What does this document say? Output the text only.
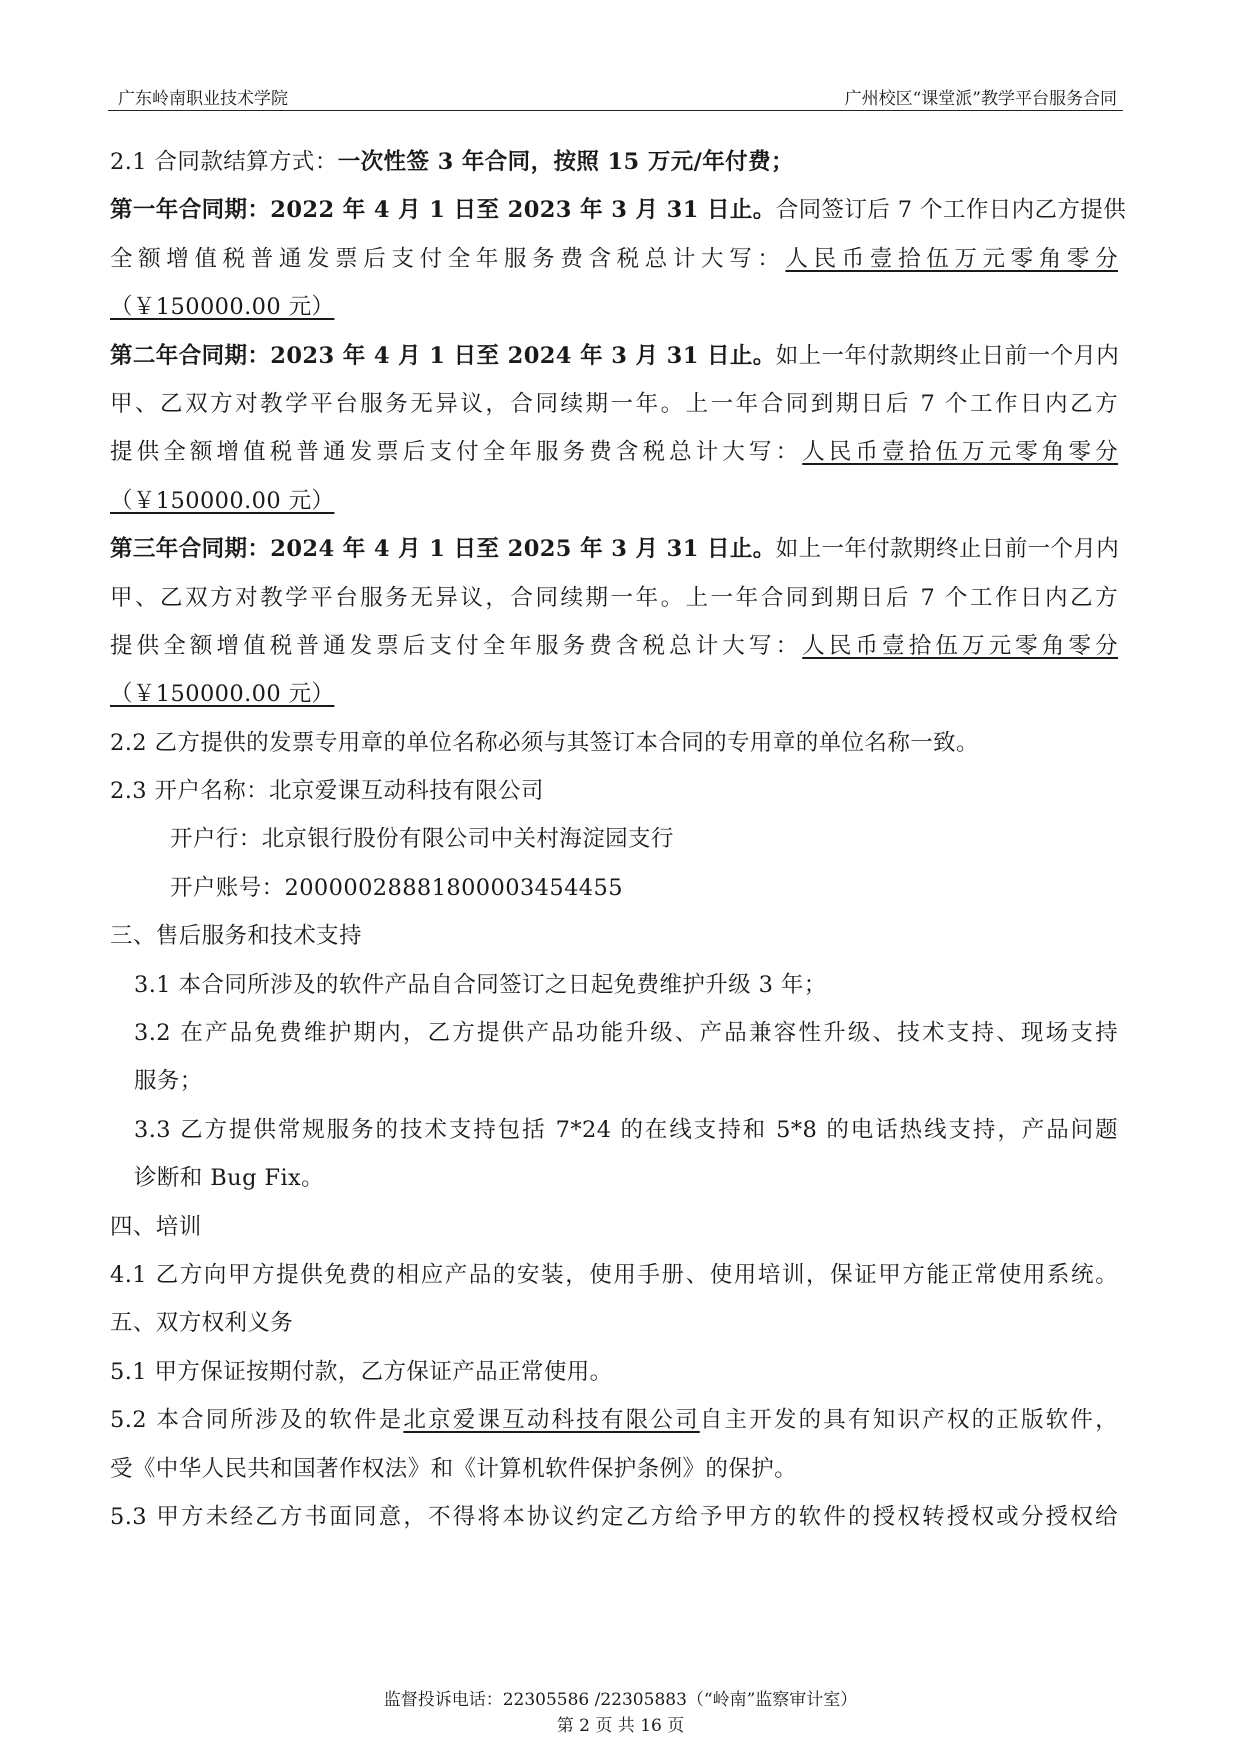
广东岭南职业技术学院	广州校区“课堂派”教学平台服务合同
2.1 合同款结算方式：一次性签 3 年合同，按照 15 万元/年付费；
第一年合同期：2022 年 4 月 1 日至 2023 年 3 月 31 日止。合同签订后 7 个工作日内乙方提供
全额增值税普通发票后支付全年服务费含税总计大写：人民币壹拾伍万元零角零分
（￥150000.00 元）
第二年合同期：2023 年 4 月 1 日至 2024 年 3 月 31 日止。如上一年付款期终止日前一个月内
甲、乙双方对教学平台服务无异议，合同续期一年。上一年合同到期日后 7 个工作日内乙方
提供全额增值税普通发票后支付全年服务费含税总计大写：人民币壹拾伍万元零角零分
（￥150000.00 元）
第三年合同期：2024 年 4 月 1 日至 2025 年 3 月 31 日止。如上一年付款期终止日前一个月内
甲、乙双方对教学平台服务无异议，合同续期一年。上一年合同到期日后 7 个工作日内乙方
提供全额增值税普通发票后支付全年服务费含税总计大写：人民币壹拾伍万元零角零分
（￥150000.00 元）
2.2 乙方提供的发票专用章的单位名称必须与其签订本合同的专用章的单位名称一致。
2.3 开户名称：北京爱课互动科技有限公司
开户行：北京银行股份有限公司中关村海淀园支行
开户账号：20000028881800003454455
三、售后服务和技术支持
3.1 本合同所涉及的软件产品自合同签订之日起免费维护升级 3 年；
3.2 在产品免费维护期内，乙方提供产品功能升级、产品兼容性升级、技术支持、现场支持
服务；
3.3 乙方提供常规服务的技术支持包括 7*24 的在线支持和 5*8 的电话热线支持，产品问题
诊断和 Bug Fix。
四、培训
4.1 乙方向甲方提供免费的相应产品的安装，使用手册、使用培训，保证甲方能正常使用系统。
五、双方权利义务
5.1 甲方保证按期付款，乙方保证产品正常使用。
5.2 本合同所涉及的软件是北京爱课互动科技有限公司自主开发的具有知识产权的正版软件，
受《中华人民共和国著作权法》和《计算机软件保护条例》的保护。
5.3 甲方未经乙方书面同意，不得将本协议约定乙方给予甲方的软件的授权转授权或分授权给
监督投诉电话：22305586 /22305883（“岭南”监察审计室）
第 2 页 共 16 页
